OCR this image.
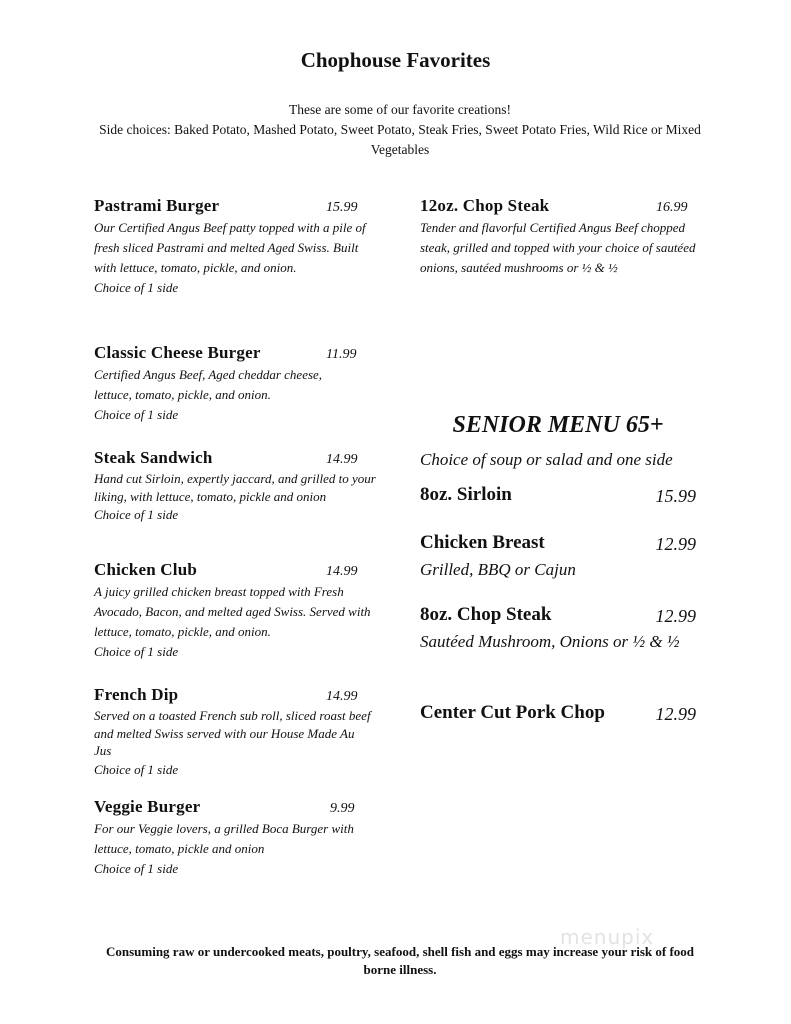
Chophouse Favorites
These are some of our favorite creations!
Side choices: Baked Potato, Mashed Potato, Sweet Potato, Steak Fries, Sweet Potato Fries, Wild Rice or Mixed Vegetables
Pastrami Burger	15.99
Our Certified Angus Beef patty topped with a pile of fresh sliced Pastrami and melted Aged Swiss. Built with lettuce, tomato, pickle, and onion.
Choice of 1 side
Classic Cheese Burger	11.99
Certified Angus Beef, Aged cheddar cheese, lettuce, tomato, pickle, and onion.
Choice of 1 side
Steak Sandwich	14.99
Hand cut Sirloin, expertly jaccard, and grilled to your liking, with lettuce, tomato, pickle and onion
Choice of 1 side
Chicken Club	14.99
A juicy grilled chicken breast topped with Fresh Avocado, Bacon, and melted aged Swiss. Served with lettuce, tomato, pickle, and onion.
Choice of 1 side
French Dip	14.99
Served on a toasted French sub roll, sliced roast beef and melted Swiss served with our House Made Au Jus
Choice of 1 side
Veggie Burger	9.99
For our Veggie lovers, a grilled Boca Burger with lettuce, tomato, pickle and onion
Choice of 1 side
12oz. Chop Steak	16.99
Tender and flavorful Certified Angus Beef chopped steak, grilled and topped with your choice of sautéed onions, sautéed mushrooms or ½ & ½
SENIOR MENU 65+
Choice of soup or salad and one side
8oz. Sirloin	15.99
Chicken Breast	12.99
Grilled, BBQ or Cajun
8oz. Chop Steak	12.99
Sautéed Mushroom, Onions or ½ & ½
Center Cut Pork Chop	12.99
menupix
Consuming raw or undercooked meats, poultry, seafood, shell fish and eggs may increase your risk of food borne illness.
